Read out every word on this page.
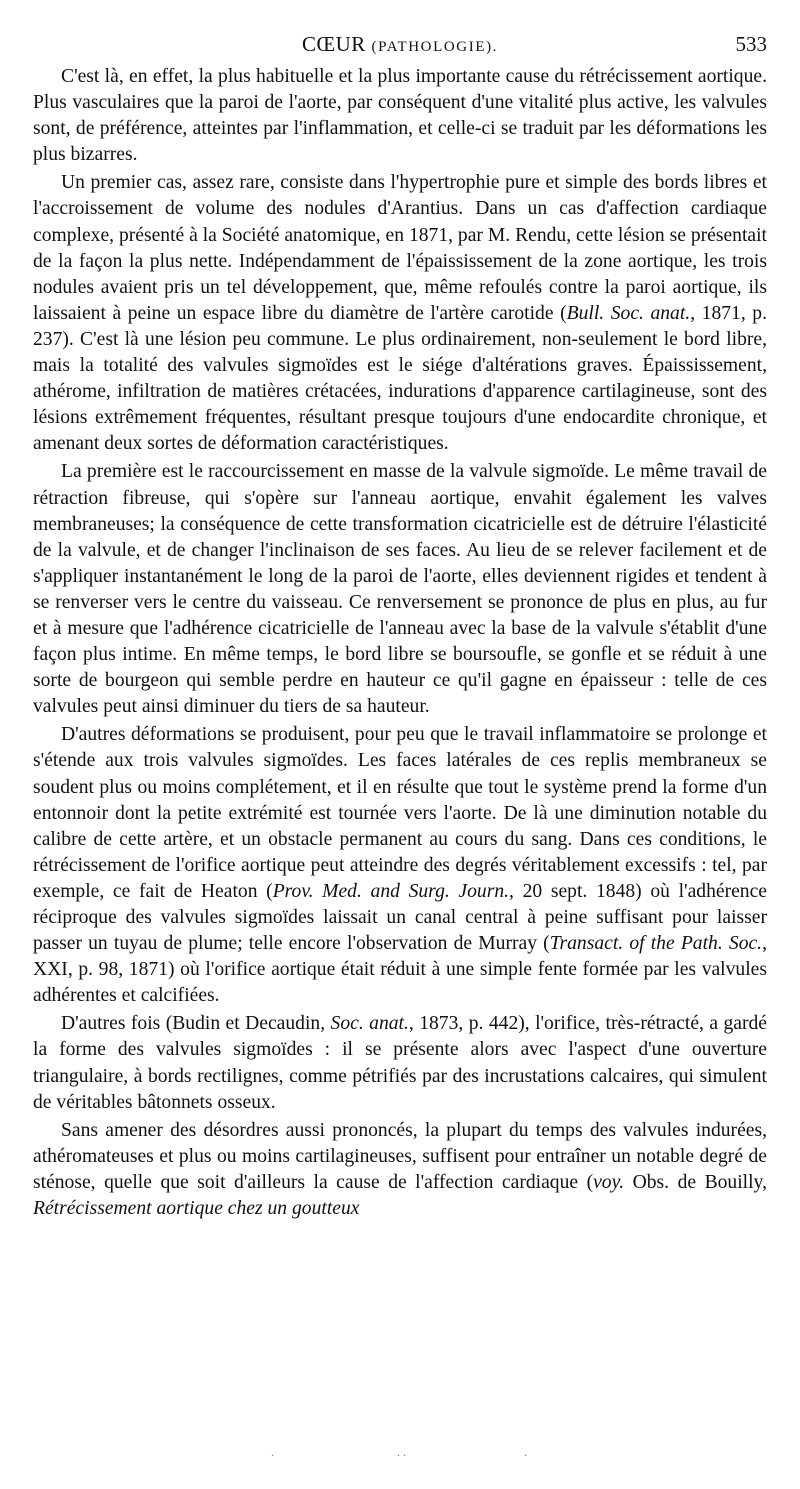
CŒUR (PATHOLOGIE).	533

C'est là, en effet, la plus habituelle et la plus importante cause du rétrécissement aortique. Plus vasculaires que la paroi de l'aorte, par conséquent d'une vitalité plus active, les valvules sont, de préférence, atteintes par l'inflammation, et celle-ci se traduit par les déformations les plus bizarres.

Un premier cas, assez rare, consiste dans l'hypertrophie pure et simple des bords libres et l'accroissement de volume des nodules d'Arantius. Dans un cas d'affection cardiaque complexe, présenté à la Société anatomique, en 1871, par M. Rendu, cette lésion se présentait de la façon la plus nette. Indépendamment de l'épaississement de la zone aortique, les trois nodules avaient pris un tel développement, que, même refoulés contre la paroi aortique, ils laissaient à peine un espace libre du diamètre de l'artère carotide (Bull. Soc. anat., 1871, p. 237). C'est là une lésion peu commune. Le plus ordinairement, non-seulement le bord libre, mais la totalité des valvules sigmoïdes est le siége d'altérations graves. Épaississement, athérome, infiltration de matières crétacées, indurations d'apparence cartilagineuse, sont des lésions extrêmement fréquentes, résultant presque toujours d'une endocardite chronique, et amenant deux sortes de déformation caractéristiques.

La première est le raccourcissement en masse de la valvule sigmoïde. Le même travail de rétraction fibreuse, qui s'opère sur l'anneau aortique, envahit également les valves membraneuses; la conséquence de cette transformation cicatricielle est de détruire l'élasticité de la valvule, et de changer l'inclinaison de ses faces. Au lieu de se relever facilement et de s'appliquer instantanément le long de la paroi de l'aorte, elles deviennent rigides et tendent à se renverser vers le centre du vaisseau. Ce renversement se prononce de plus en plus, au fur et à mesure que l'adhérence cicatricielle de l'anneau avec la base de la valvule s'établit d'une façon plus intime. En même temps, le bord libre se boursoufle, se gonfle et se réduit à une sorte de bourgeon qui semble perdre en hauteur ce qu'il gagne en épaisseur : telle de ces valvules peut ainsi diminuer du tiers de sa hauteur.

D'autres déformations se produisent, pour peu que le travail inflammatoire se prolonge et s'étende aux trois valvules sigmoïdes. Les faces latérales de ces replis membraneux se soudent plus ou moins complétement, et il en résulte que tout le système prend la forme d'un entonnoir dont la petite extrémité est tournée vers l'aorte. De là une diminution notable du calibre de cette artère, et un obstacle permanent au cours du sang. Dans ces conditions, le rétrécissement de l'orifice aortique peut atteindre des degrés véritablement excessifs : tel, par exemple, ce fait de Heaton (Prov. Med. and Surg. Journ., 20 sept. 1848) où l'adhérence réciproque des valvules sigmoïdes laissait un canal central à peine suffisant pour laisser passer un tuyau de plume; telle encore l'observation de Murray (Transact. of the Path. Soc., XXI, p. 98, 1871) où l'orifice aortique était réduit à une simple fente formée par les valvules adhérentes et calcifiées.

D'autres fois (Budin et Decaudin, Soc. anat., 1873, p. 442), l'orifice, très-rétracté, a gardé la forme des valvules sigmoïdes : il se présente alors avec l'aspect d'une ouverture triangulaire, à bords rectilignes, comme pétrifiés par des incrustations calcaires, qui simulent de véritables bâtonnets osseux.

Sans amener des désordres aussi prononcés, la plupart du temps des valvules indurées, athéromateuses et plus ou moins cartilagineuses, suffisent pour entraîner un notable degré de sténose, quelle que soit d'ailleurs la cause de l'affection cardiaque (voy. Obs. de Bouilly, Rétrécissement aortique chez un goutteux

·                        ··                       ·
